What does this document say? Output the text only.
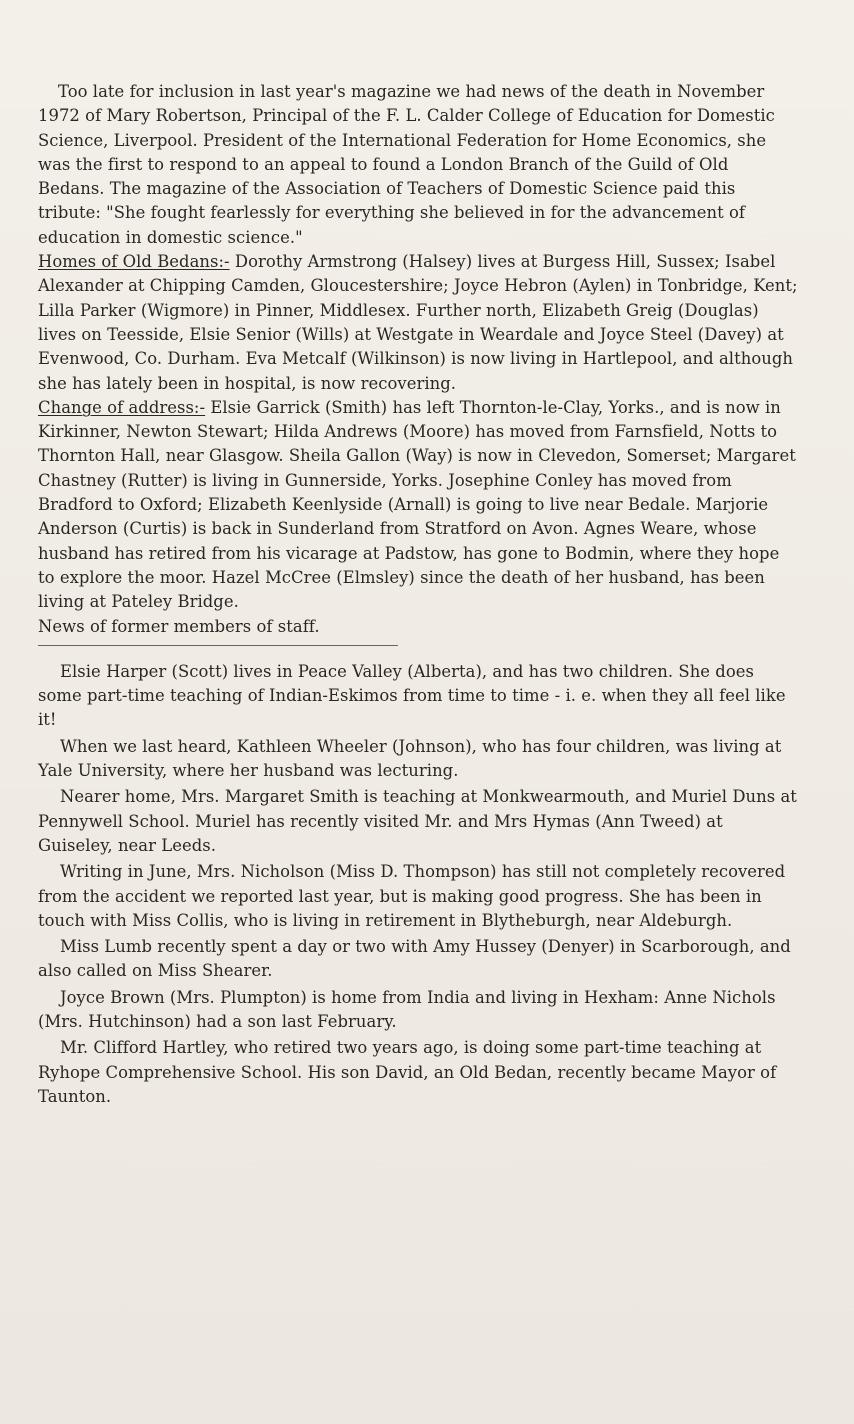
Too late for inclusion in last year's magazine we had news of the death in November 1972 of Mary Robertson, Principal of the F. L. Calder College of Education for Domestic Science, Liverpool. President of the International Federation for Home Economics, she was the first to respond to an appeal to found a London Branch of the Guild of Old Bedans. The magazine of the Association of Teachers of Domestic Science paid this tribute: "She fought fearlessly for everything she believed in for the advancement of education in domestic science."

Homes of Old Bedans:- Dorothy Armstrong (Halsey) lives at Burgess Hill, Sussex; Isabel Alexander at Chipping Camden, Gloucestershire; Joyce Hebron (Aylen) in Tonbridge, Kent; Lilla Parker (Wigmore) in Pinner, Middlesex. Further north, Elizabeth Greig (Douglas) lives on Teesside, Elsie Senior (Wills) at Westgate in Weardale and Joyce Steel (Davey) at Evenwood, Co. Durham. Eva Metcalf (Wilkinson) is now living in Hartlepool, and although she has lately been in hospital, is now recovering.

Change of address:- Elsie Garrick (Smith) has left Thornton-le-Clay, Yorks., and is now in Kirkinner, Newton Stewart; Hilda Andrews (Moore) has moved from Farnsfield, Notts to Thornton Hall, near Glasgow. Sheila Gallon (Way) is now in Clevedon, Somerset; Margaret Chastney (Rutter) is living in Gunnerside, Yorks. Josephine Conley has moved from Bradford to Oxford; Elizabeth Keenlyside (Arnall) is going to live near Bedale. Marjorie Anderson (Curtis) is back in Sunderland from Stratford on Avon. Agnes Weare, whose husband has retired from his vicarage at Padstow, has gone to Bodmin, where they hope to explore the moor. Hazel McCree (Elmsley) since the death of her husband, has been living at Pateley Bridge.

News of former members of staff.

Elsie Harper (Scott) lives in Peace Valley (Alberta), and has two children. She does some part-time teaching of Indian-Eskimos from time to time - i. e. when they all feel like it!

When we last heard, Kathleen Wheeler (Johnson), who has four children, was living at Yale University, where her husband was lecturing.

Nearer home, Mrs. Margaret Smith is teaching at Monkwearmouth, and Muriel Duns at Pennywell School. Muriel has recently visited Mr. and Mrs Hymas (Ann Tweed) at Guiseley, near Leeds.

Writing in June, Mrs. Nicholson (Miss D. Thompson) has still not completely recovered from the accident we reported last year, but is making good progress. She has been in touch with Miss Collis, who is living in retirement in Blytheburgh, near Aldeburgh.

Miss Lumb recently spent a day or two with Amy Hussey (Denyer) in Scarborough, and also called on Miss Shearer.

Joyce Brown (Mrs. Plumpton) is home from India and living in Hexham: Anne Nichols (Mrs. Hutchinson) had a son last February.

Mr. Clifford Hartley, who retired two years ago, is doing some part-time teaching at Ryhope Comprehensive School. His son David, an Old Bedan, recently became Mayor of Taunton.
